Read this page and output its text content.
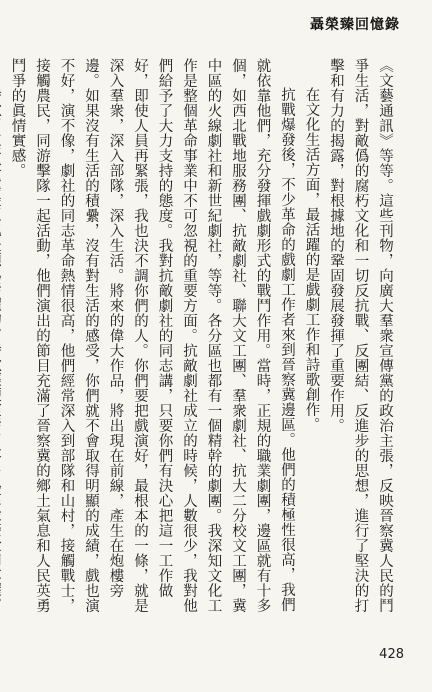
聶榮臻回憶錄

《文藝通訊》等等。這些刊物，向廣大羣衆宣傳黨的政治主張，反映晉察冀人民的鬥爭生活，對敵僞的腐朽文化和一切反抗戰、反團結、反進步的思想，進行了堅決的打擊和有力的揭露，對根據地的鞏固發展發揮了重要作用。

在文化生活方面，最活躍的是戲劇工作和詩歌創作。

抗戰爆發後，不少革命的戲劇工作者來到晉察冀邊區。他們的積極性很高，我們就依靠他們，充分發揮戲劇形式的戰鬥作用。當時，正規的職業劇團，邊區就有十多個，如西北戰地服務團、抗敵劇社、聯大文工團、羣衆劇社、抗大二分校文工團，冀中區的火線劇社和新世紀劇社，等等。各分區也都有一個精幹的劇團。我深知文化工作是整個革命事業中不可忽視的重要方面。抗敵劇社成立的時候，人數很少，我對他們給予了大力支持的態度。我對抗敵劇社的同志講，只要你們有決心把這一工作做好，即使人員再緊張，我也決不調你們的人。你們要把戲演好，最根本的一條，就是深入羣衆，深入部隊，深入生活。將來的偉大作品，將出現在前線，產生在炮樓旁邊。如果沒有生活的積纍，沒有對生活的感受，你們就不會取得明顯的成績，戲也演不好，演不像，劇社的同志革命熱情很高，他們經常深入到部隊和山村，接觸戰士，接觸農民，同游擊隊一起活動，他們演出的節目充滿了晉察冀的鄉土氣息和人民英勇鬥爭的眞情實感。

428
